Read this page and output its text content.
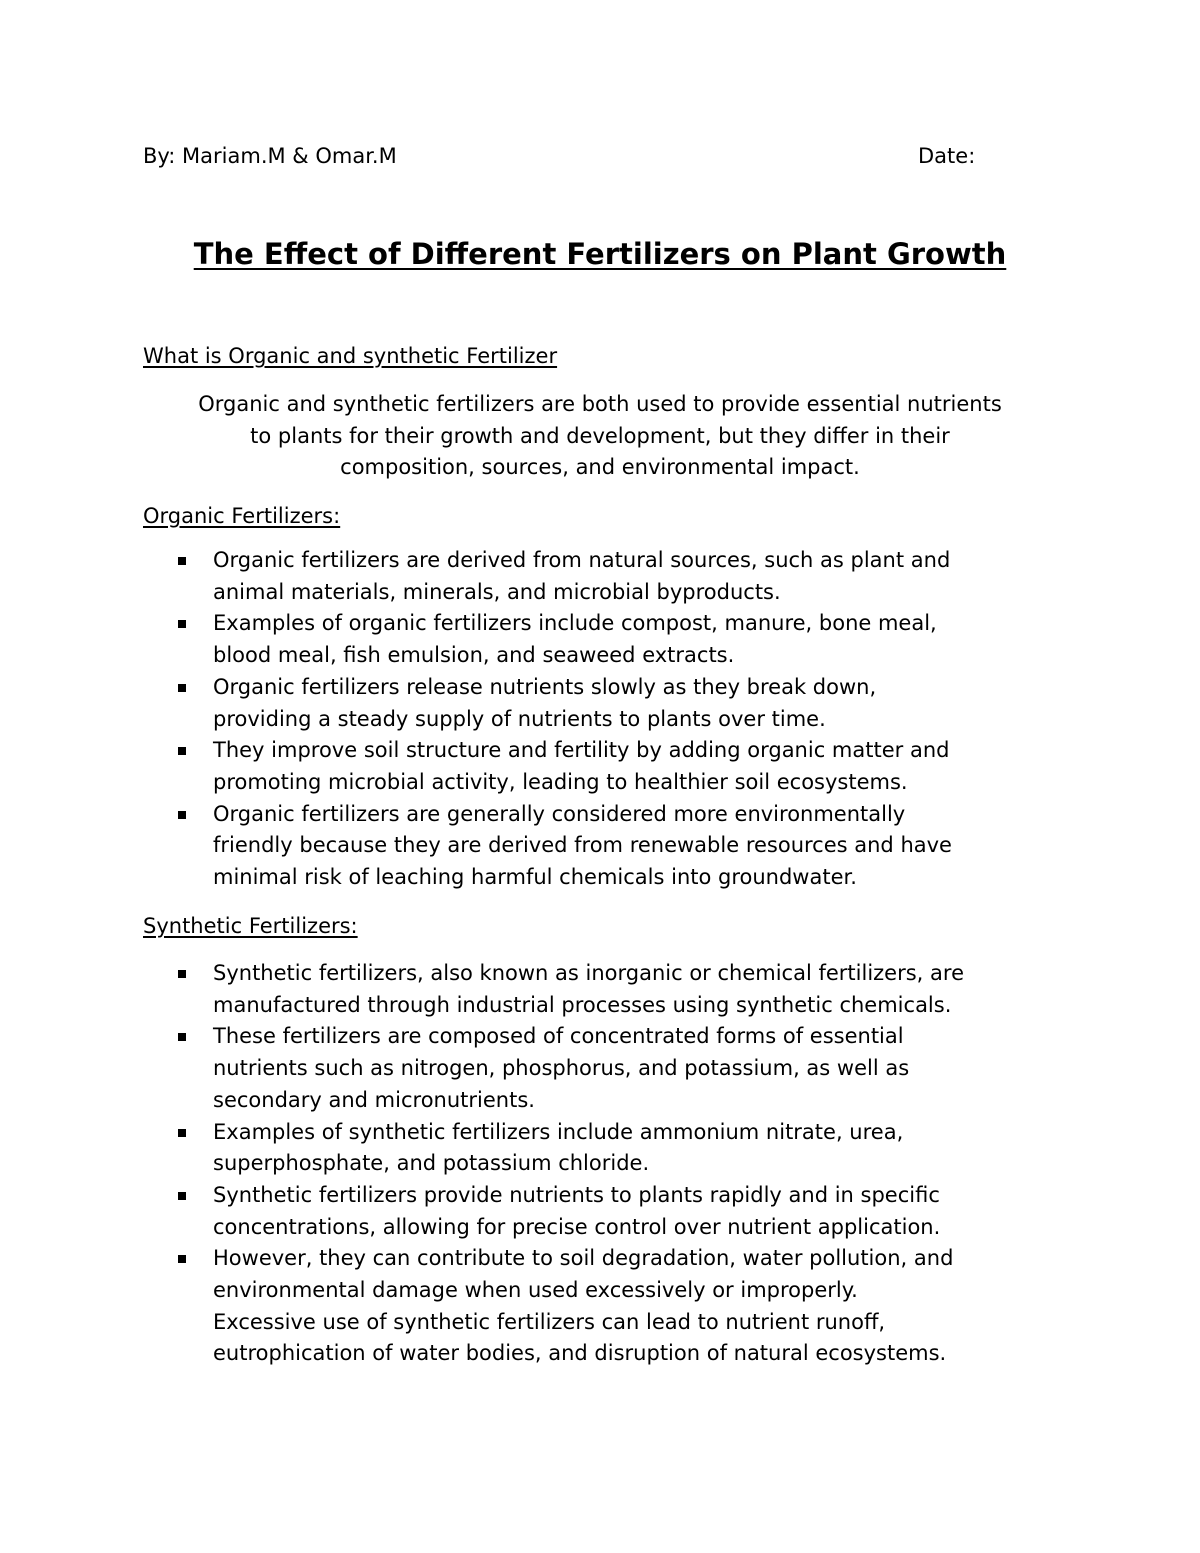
By: Mariam.M & Omar.M	Date:
The Effect of Different Fertilizers on Plant Growth
What is Organic and synthetic Fertilizer
Organic and synthetic fertilizers are both used to provide essential nutrients
to plants for their growth and development, but they differ in their
composition, sources, and environmental impact.
Organic Fertilizers:
Organic fertilizers are derived from natural sources, such as plant and
animal materials, minerals, and microbial byproducts.
Examples of organic fertilizers include compost, manure, bone meal,
blood meal, fish emulsion, and seaweed extracts.
Organic fertilizers release nutrients slowly as they break down,
providing a steady supply of nutrients to plants over time.
They improve soil structure and fertility by adding organic matter and
promoting microbial activity, leading to healthier soil ecosystems.
Organic fertilizers are generally considered more environmentally
friendly because they are derived from renewable resources and have
minimal risk of leaching harmful chemicals into groundwater.
Synthetic Fertilizers:
Synthetic fertilizers, also known as inorganic or chemical fertilizers, are
manufactured through industrial processes using synthetic chemicals.
These fertilizers are composed of concentrated forms of essential
nutrients such as nitrogen, phosphorus, and potassium, as well as
secondary and micronutrients.
Examples of synthetic fertilizers include ammonium nitrate, urea,
superphosphate, and potassium chloride.
Synthetic fertilizers provide nutrients to plants rapidly and in specific
concentrations, allowing for precise control over nutrient application.
However, they can contribute to soil degradation, water pollution, and
environmental damage when used excessively or improperly.
Excessive use of synthetic fertilizers can lead to nutrient runoff,
eutrophication of water bodies, and disruption of natural ecosystems.
